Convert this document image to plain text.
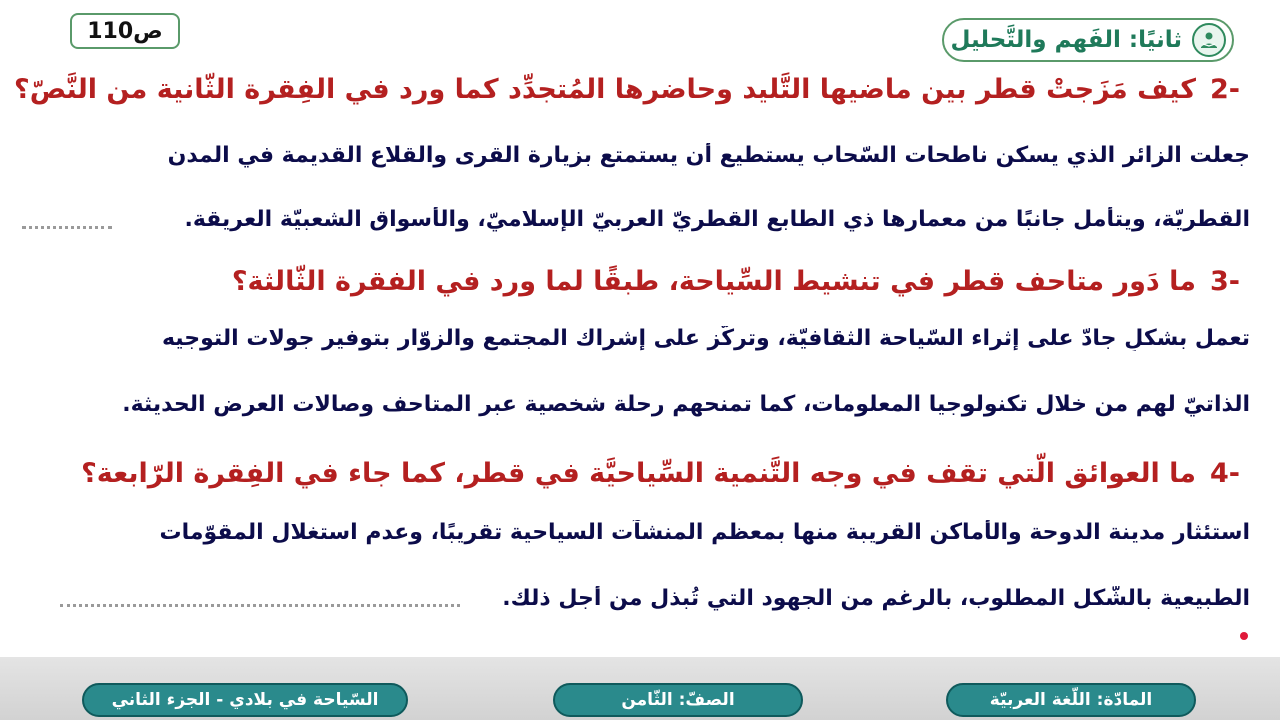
ص110	ثانيًا: الفَهم والتَّحليل
-2كيف مَزَجتْ قطر بين ماضيها التَّليد وحاضرها المُتجدِّد كما ورد في الفِقرة الثّانية من النَّصّ؟
جعلت الزائر الذي يسكن ناطحات السّحاب يستطيع أن يستمتع بزيارة القرى والقلاع القديمة في المدن
القطريّة، ويتأمل جانبًا من معمارها ذي الطابع القطريّ العربيّ الإسلاميّ، والأسواق الشعبيّة العريقة.
-3ما دَور متاحف قطر في تنشيط السِّياحة، طبقًا لما ورد في الفقرة الثّالثة؟
تعمل بشكلٍ جادّ على إثراء السّياحة الثقافيّة، وتركّز على إشراك المجتمع والزوّار بتوفير جولات التوجيه
الذاتيّ لهم من خلال تكنولوجيا المعلومات، كما تمنحهم رحلة شخصية عبر المتاحف وصالات العرض الحديثة.
-4ما العوائق الّتي تقف في وجه التَّنمية السِّياحيَّة في قطر، كما جاء في الفِقرة الرّابعة؟
استئثار مدينة الدوحة والأماكن القريبة منها بمعظم المنشآت السياحية تقريبًا، وعدم استغلال المقوّمات
الطبيعية بالشّكل المطلوب، بالرغم من الجهود التي تُبذل من أجل ذلك.
المادّة: اللّغة العربيّة
الصفّ: الثّامن
السّياحة في بلادي - الجزء الثاني
